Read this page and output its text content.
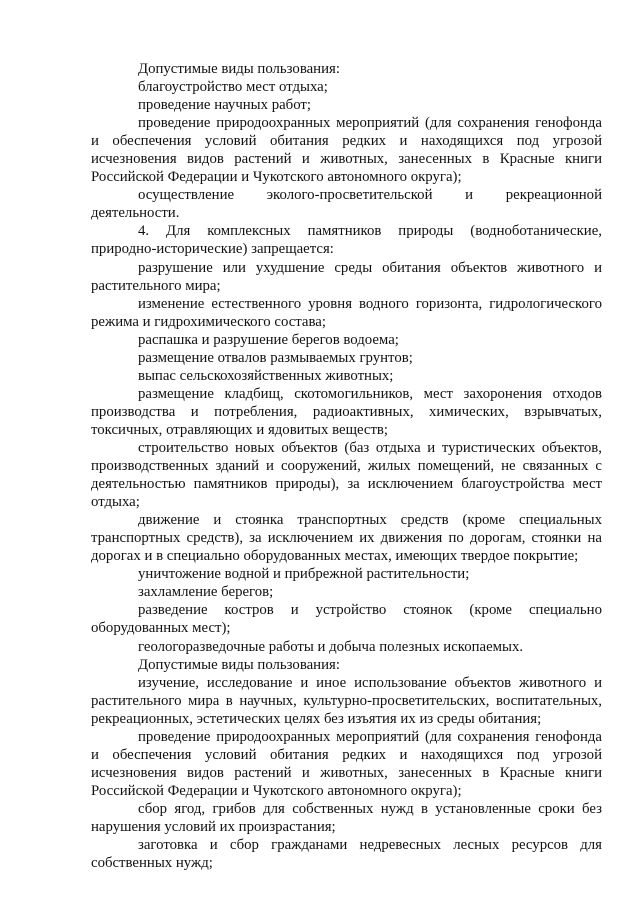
Допустимые виды пользования:

благоустройство мест отдыха;

проведение научных работ;

проведение природоохранных мероприятий (для сохранения генофонда и обеспечения условий обитания редких и находящихся под угрозой исчезновения видов растений и животных, занесенных в Красные книги Российской Федерации и Чукотского автономного округа);

осуществление эколого-просветительской и рекреационной деятельности.

4. Для комплексных памятников природы (водноботанические, природно-исторические) запрещается:

разрушение или ухудшение среды обитания объектов животного и растительного мира;

изменение естественного уровня водного горизонта, гидрологического режима и гидрохимического состава;

распашка и разрушение берегов водоема;

размещение отвалов размываемых грунтов;

выпас сельскохозяйственных животных;

размещение кладбищ, скотомогильников, мест захоронения отходов производства и потребления, радиоактивных, химических, взрывчатых, токсичных, отравляющих и ядовитых веществ;

строительство новых объектов (баз отдыха и туристических объектов, производственных зданий и сооружений, жилых помещений, не связанных с деятельностью памятников природы), за исключением благоустройства мест отдыха;

движение и стоянка транспортных средств (кроме специальных транспортных средств), за исключением их движения по дорогам, стоянки на дорогах и в специально оборудованных местах, имеющих твердое покрытие;

уничтожение водной и прибрежной растительности;

захламление берегов;

разведение костров и устройство стоянок (кроме специально оборудованных мест);

геологоразведочные работы и добыча полезных ископаемых.

Допустимые виды пользования:

изучение, исследование и иное использование объектов животного и растительного мира в научных, культурно-просветительских, воспитательных, рекреационных, эстетических целях без изъятия их из среды обитания;

проведение природоохранных мероприятий (для сохранения генофонда и обеспечения условий обитания редких и находящихся под угрозой исчезновения видов растений и животных, занесенных в Красные книги Российской Федерации и Чукотского автономного округа);

сбор ягод, грибов для собственных нужд в установленные сроки без нарушения условий их произрастания;

заготовка и сбор гражданами недревесных лесных ресурсов для собственных нужд;
